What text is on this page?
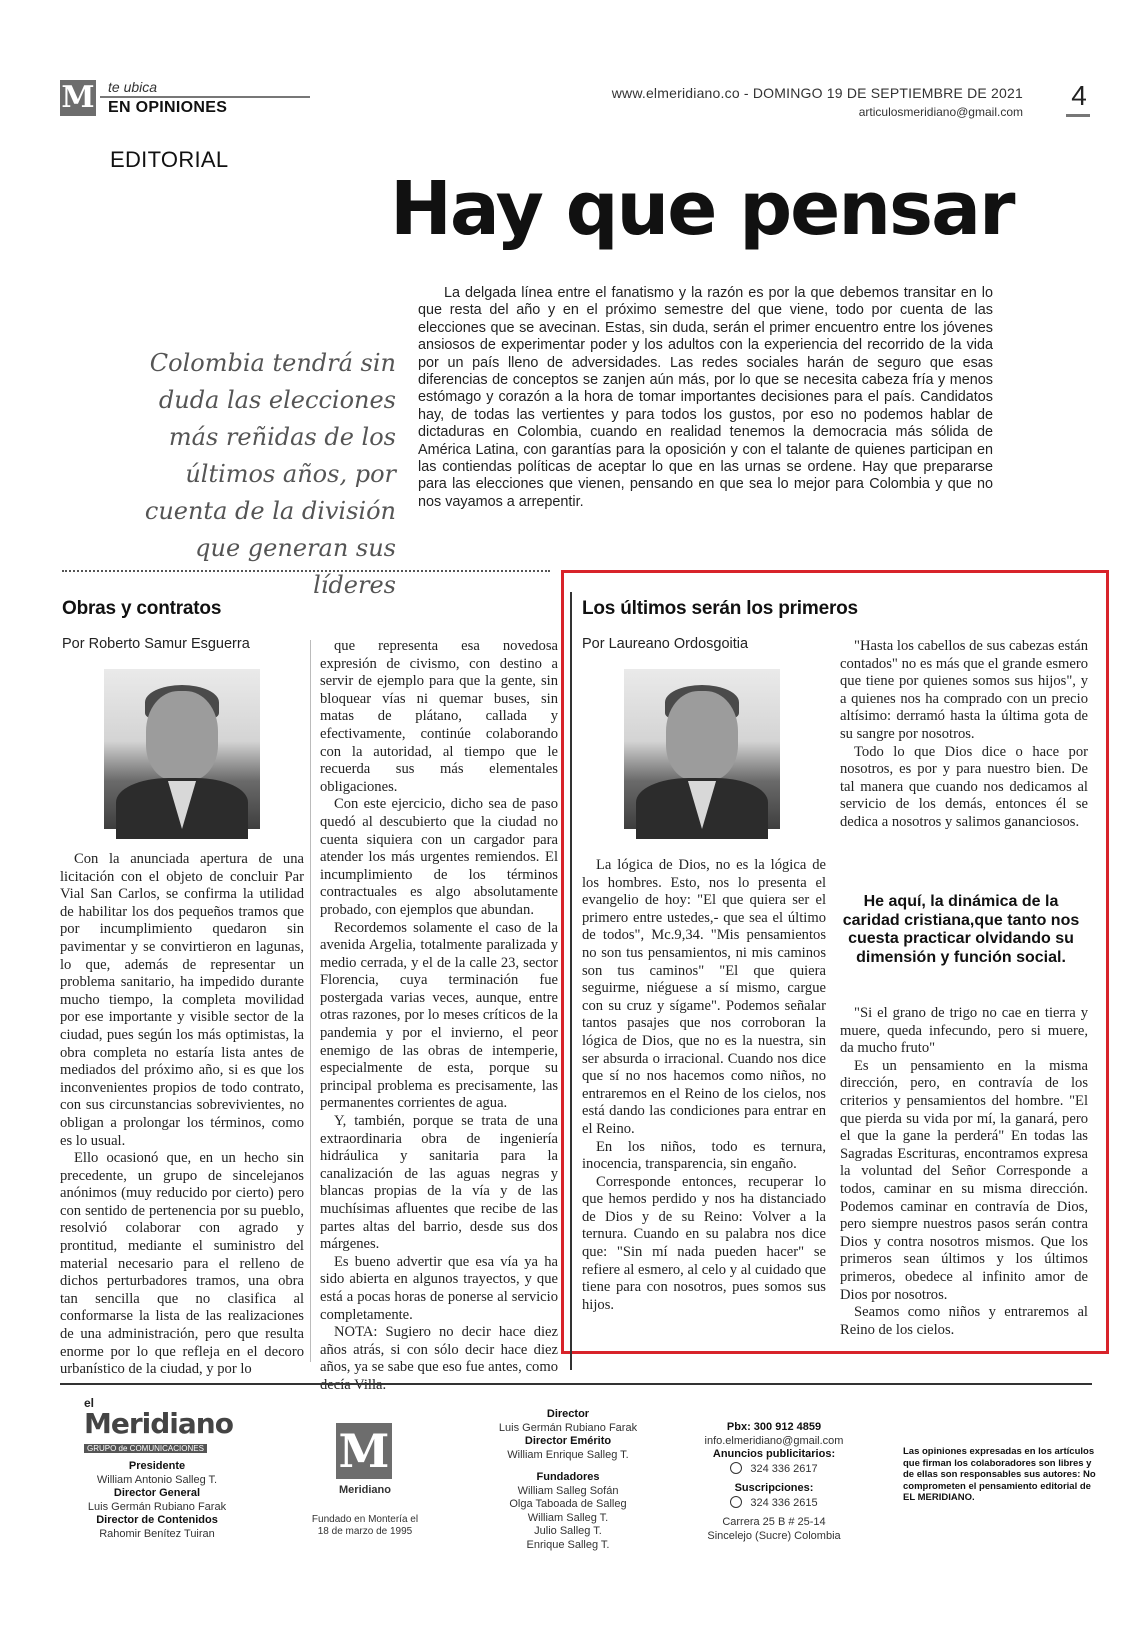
M te ubica
EN OPINIONES
www.elmeridiano.co - DOMINGO 19 DE SEPTIEMBRE DE 2021
articulosmeridiano@gmail.com
4
EDITORIAL
Hay que pensar
Colombia tendrá sin duda las elecciones más reñidas de los últimos años, por cuenta de la división que generan sus líderes
La delgada línea entre el fanatismo y la razón es por la que debemos transitar en lo que resta del año y en el próximo semestre del que viene, todo por cuenta de las elecciones que se avecinan. Estas, sin duda, serán el primer encuentro entre los jóvenes ansiosos de experimentar poder y los adultos con la experiencia del recorrido de la vida por un país lleno de adversidades. Las redes sociales harán de seguro que esas diferencias de conceptos se zanjen aún más, por lo que se necesita cabeza fría y menos estómago y corazón a la hora de tomar importantes decisiones para el país. Candidatos hay, de todas las vertientes y para todos los gustos, por eso no podemos hablar de dictaduras en Colombia, cuando en realidad tenemos la democracia más sólida de América Latina, con garantías para la oposición y con el talante de quienes participan en las contiendas políticas de aceptar lo que en las urnas se ordene. Hay que prepararse para las elecciones que vienen, pensando en que sea lo mejor para Colombia y que no nos vayamos a arrepentir.
Obras y contratos
Por Roberto Samur Esguerra

Con la anunciada apertura de una licitación con el objeto de concluir Par Vial San Carlos, se confirma la utilidad de habilitar los dos pequeños tramos que por incumplimiento quedaron sin pavimentar y se convirtieron en lagunas, lo que, además de representar un problema sanitario, ha impedido durante mucho tiempo, la completa movilidad por ese importante y visible sector de la ciudad, pues según los más optimistas, la obra completa no estaría lista antes de mediados del próximo año, si es que los inconvenientes propios de todo contrato, con sus circunstancias sobrevivientes, no obligan a prolongar los términos, como es lo usual.

Ello ocasionó que, en un hecho sin precedente, un grupo de sincelejanos anónimos (muy reducido por cierto) pero con sentido de pertenencia por su pueblo, resolvió colaborar con agrado y prontitud, mediante el suministro del material necesario para el relleno de dichos perturbadores tramos, una obra tan sencilla que no clasifica al conformarse la lista de las realizaciones de una administración, pero que resulta enorme por lo que refleja en el decoro urbanístico de la ciudad, y por lo

que representa esa novedosa expresión de civismo, con destino a servir de ejemplo para que la gente, sin bloquear vías ni quemar buses, sin matas de plátano, callada y efectivamente, continúe colaborando con la autoridad, al tiempo que le recuerda sus más elementales obligaciones.

Con este ejercicio, dicho sea de paso quedó al descubierto que la ciudad no cuenta siquiera con un cargador para atender los más urgentes remiendos. El incumplimiento de los términos contractuales es algo absolutamente probado, con ejemplos que abundan.

Recordemos solamente el caso de la avenida Argelia, totalmente paralizada y medio cerrada, y el de la calle 23, sector Florencia, cuya terminación fue postergada varias veces, aunque, entre otras razones, por lo meses críticos de la pandemia y por el invierno, el peor enemigo de las obras de intemperie, especialmente de esta, porque su principal problema es precisamente, las permanentes corrientes de agua.

Y, también, porque se trata de una extraordinaria obra de ingeniería hidráulica y sanitaria para la canalización de las aguas negras y blancas propias de la vía y de las muchísimas afluentes que recibe de las partes altas del barrio, desde sus dos márgenes.

Es bueno advertir que esa vía ya ha sido abierta en algunos trayectos, y que está a pocas horas de ponerse al servicio completamente.

NOTA: Sugiero no decir hace diez años atrás, si con sólo decir hace diez años, ya se sabe que eso fue antes, como

Los últimos serán los primeros
Por Laureano Ordosgoitia

La lógica de Dios, no es la lógica de los hombres. Esto, nos lo presenta el evangelio de hoy: "El que quiera ser el primero entre ustedes,- que sea el último de todos", Mc.9,34. "Mis pensamientos no son tus pensamientos, ni mis caminos son tus caminos" "El que quiera seguirme, niéguese a sí mismo, cargue con su cruz y sígame". Podemos señalar tantos pasajes que nos corroboran la lógica de Dios, que no es la nuestra, sin ser absurda o irracional. Cuando nos dice que sí no nos hacemos como niños, no entraremos en el Reino de los cielos, nos está dando las condiciones para entrar en el Reino.

En los niños, todo es ternura, inocencia, transparencia, sin engaño.

Corresponde entonces, recuperar lo que hemos perdido y nos ha distanciado de Dios y de su Reino: Volver a la ternura. Cuando en su palabra nos dice que: "Sin mí nada pueden hacer" se refiere al esmero, al celo y al cuidado que tiene para con nosotros, pues somos sus hijos.

"Hasta los cabellos de sus cabezas están contados" no es más que el grande esmero que tiene por quienes somos sus hijos", y a quienes nos ha comprado con un precio altísimo: derramó hasta la última gota de su sangre por nosotros.

Todo lo que Dios dice o hace por nosotros, es por y para nuestro bien. De tal manera que cuando nos dedicamos al servicio de los demás, entonces él se dedica a nosotros y salimos gananciosos.

He aquí, la dinámica de la caridad cristiana,que tanto nos cuesta practicar olvidando su dimensión y función social.

"Si el grano de trigo no cae en tierra y muere, queda infecundo, pero si muere, da mucho fruto"

Es un pensamiento en la misma dirección, pero, en contravía de los criterios y pensamientos del hombre. "El que pierda su vida por mí, la ganará, pero el que la gane la perderá" En todas las Sagradas Escrituras, encontramos expresa la voluntad del Señor Corresponde a todos, caminar en su misma dirección. Podemos caminar en contravía de Dios, pero siempre nuestros pasos serán contra Dios y contra nosotros mismos. Que los primeros sean últimos y los últimos primeros, obedece al infinito amor de Dios por nosotros.

Seamos como niños y entraremos al Reino de los cielos.

el
Meridiano
GRUPO de COMUNICACIONES
Presidente
William Antonio Salleg T.
Director General
Luis Germán Rubiano Farak
Director de Contenidos
Rahomir Benítez Tuiran
M
Meridiano
Fundado en Montería el 18 de marzo de 1995
Director
Luis Germán Rubiano Farak
Director Emérito
William Enrique Salleg T.

Fundadores
William Salleg Sofán
Olga Taboada de Salleg
William Salleg T.
Julio Salleg T.
Enrique Salleg T.
Pbx: 300 912 4859
info.elmeridiano@gmail.com
Anuncios publicitarios:
324 336 2617

Suscripciones:
324 336 2615

Carrera 25 B # 25-14
Sincelejo (Sucre) Colombia
Las opiniones expresadas en los artículos que firman los colaboradores son libres y de ellas son responsables sus autores: No comprometen el pensamiento editorial de EL MERIDIANO.
